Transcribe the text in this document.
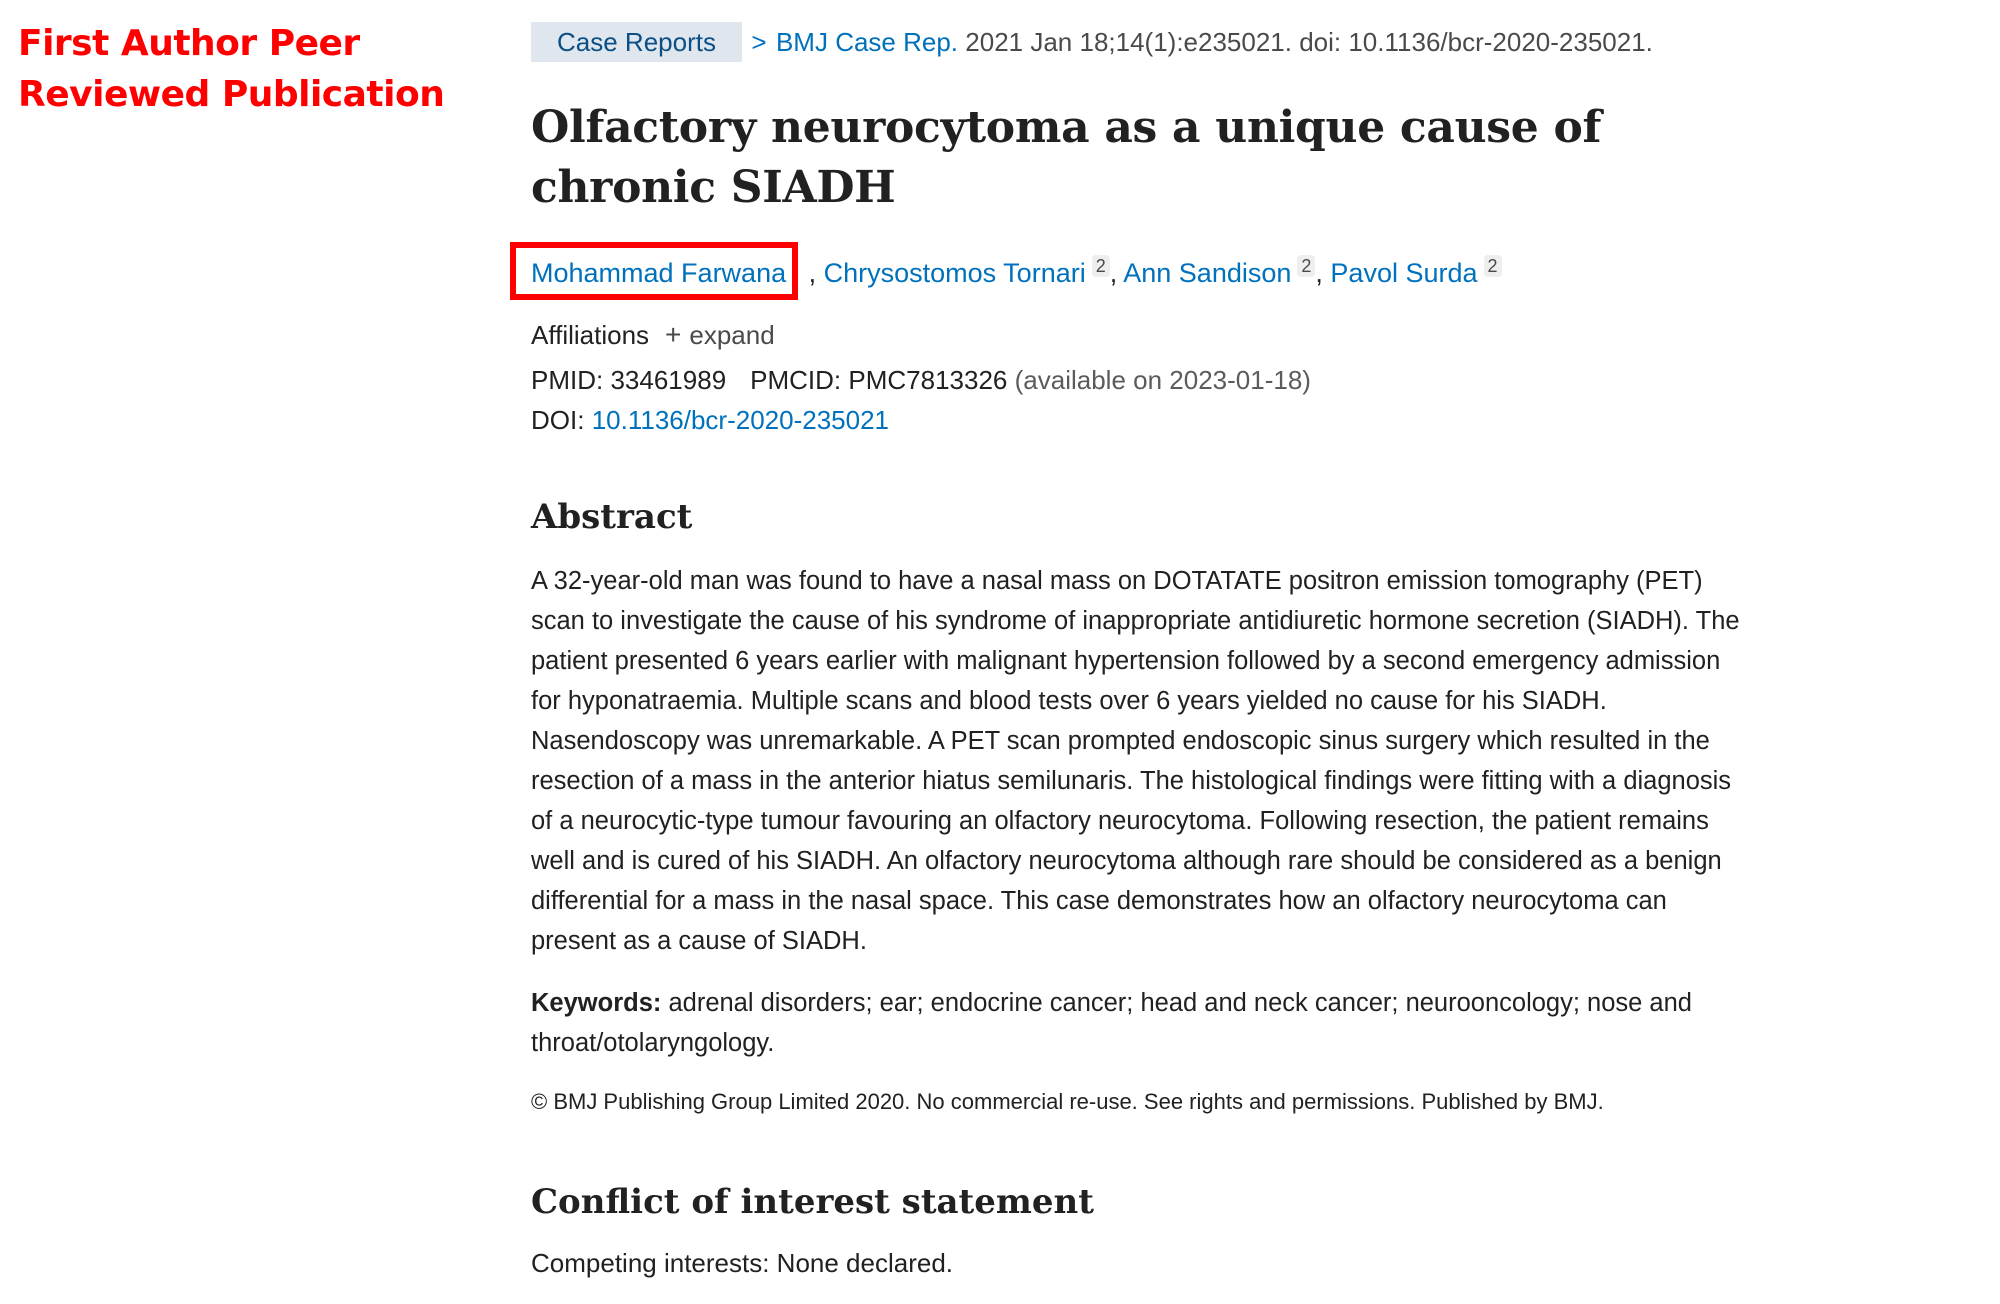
First Author Peer
Reviewed Publication
Case Reports > BMJ Case Rep. 2021 Jan 18;14(1):e235021. doi: 10.1136/bcr-2020-235021.
Olfactory neurocytoma as a unique cause of chronic SIADH
Mohammad Farwana   , Chrysostomos Tornari 2 , Ann Sandison 2 , Pavol Surda 2
Affiliations + expand
PMID: 33461989 PMCID: PMC7813326 (available on 2023-01-18)
DOI: 10.1136/bcr-2020-235021
Abstract

A 32-year-old man was found to have a nasal mass on DOTATATE positron emission tomography (PET) scan to investigate the cause of his syndrome of inappropriate antidiuretic hormone secretion (SIADH). The patient presented 6 years earlier with malignant hypertension followed by a second emergency admission for hyponatraemia. Multiple scans and blood tests over 6 years yielded no cause for his SIADH. Nasendoscopy was unremarkable. A PET scan prompted endoscopic sinus surgery which resulted in the resection of a mass in the anterior hiatus semilunaris. The histological findings were fitting with a diagnosis of a neurocytic-type tumour favouring an olfactory neurocytoma. Following resection, the patient remains well and is cured of his SIADH. An olfactory neurocytoma although rare should be considered as a benign differential for a mass in the nasal space. This case demonstrates how an olfactory neurocytoma can present as a cause of SIADH.

Keywords: adrenal disorders; ear; endocrine cancer; head and neck cancer; neurooncology; nose and throat/otolaryngology.

© BMJ Publishing Group Limited 2020. No commercial re-use. See rights and permissions. Published by BMJ.

Conflict of interest statement

Competing interests: None declared.
